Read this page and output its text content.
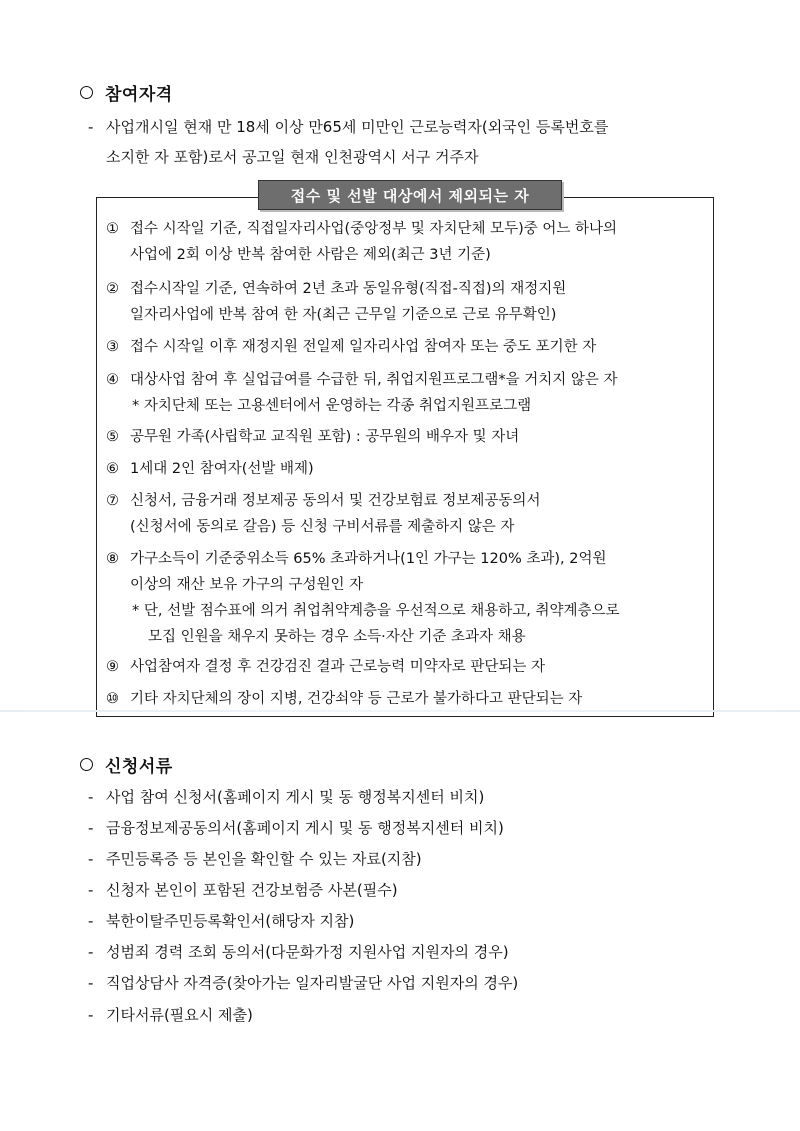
참여자격
- 사업개시일 현재 만 18세 이상 만65세 미만인 근로능력자(외국인 등록번호를
소지한 자 포함)로서 공고일 현재 인천광역시 서구 거주자
접수 및 선발 대상에서 제외되는 자
① 접수 시작일 기준, 직접일자리사업(중앙정부 및 자치단체 모두)중 어느 하나의
사업에 2회 이상 반복 참여한 사람은 제외(최근 3년 기준)
② 접수시작일 기준, 연속하여 2년 초과 동일유형(직접-직접)의 재정지원
일자리사업에 반복 참여 한 자(최근 근무일 기준으로 근로 유무확인)
③ 접수 시작일 이후 재정지원 전일제 일자리사업 참여자 또는 중도 포기한 자
④ 대상사업 참여 후 실업급여를 수급한 뒤, 취업지원프로그램*을 거치지 않은 자
* 자치단체 또는 고용센터에서 운영하는 각종 취업지원프로그램
⑤ 공무원 가족(사립학교 교직원 포함) : 공무원의 배우자 및 자녀
⑥ 1세대 2인 참여자(선발 배제)
⑦ 신청서, 금융거래 정보제공 동의서 및 건강보험료 정보제공동의서
(신청서에 동의로 갈음) 등 신청 구비서류를 제출하지 않은 자
⑧ 가구소득이 기준중위소득 65% 초과하거나(1인 가구는 120% 초과), 2억원
이상의 재산 보유 가구의 구성원인 자
* 단, 선발 점수표에 의거 취업취약계층을 우선적으로 채용하고, 취약계층으로
모집 인원을 채우지 못하는 경우 소득·자산 기준 초과자 채용
⑨ 사업참여자 결정 후 건강검진 결과 근로능력 미약자로 판단되는 자
⑩ 기타 자치단체의 장이 지병, 건강쇠약 등 근로가 불가하다고 판단되는 자
신청서류
- 사업 참여 신청서(홈페이지 게시 및 동 행정복지센터 비치)
- 금융정보제공동의서(홈페이지 게시 및 동 행정복지센터 비치)
- 주민등록증 등 본인을 확인할 수 있는 자료(지참)
- 신청자 본인이 포함된 건강보험증 사본(필수)
- 북한이탈주민등록확인서(해당자 지참)
- 성범죄 경력 조회 동의서(다문화가정 지원사업 지원자의 경우)
- 직업상담사 자격증(찾아가는 일자리발굴단 사업 지원자의 경우)
- 기타서류(필요시 제출)
